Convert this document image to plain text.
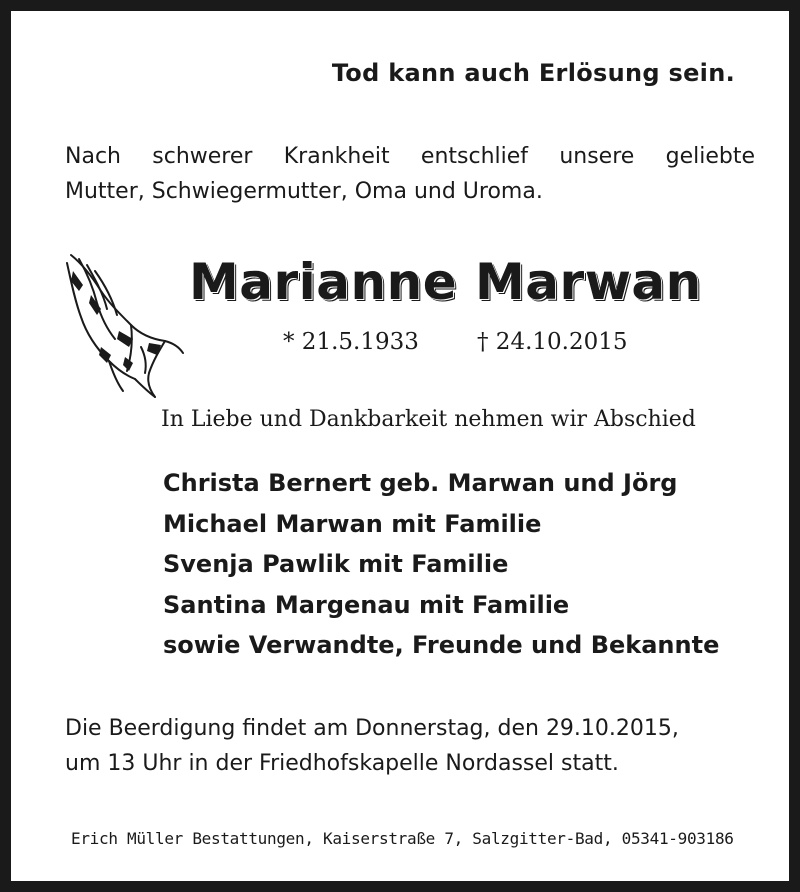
Tod kann auch Erlösung sein.
Nach schwerer Krankheit entschlief unsere geliebte
Mutter, Schwiegermutter, Oma und Uroma.
Marianne Marwan
* 21.5.1933	† 24.10.2015
In Liebe und Dankbarkeit nehmen wir Abschied
Christa Bernert geb. Marwan und Jörg
Michael Marwan mit Familie
Svenja Pawlik mit Familie
Santina Margenau mit Familie
sowie Verwandte, Freunde und Bekannte
Die Beerdigung findet am Donnerstag, den 29.10.2015,
um 13 Uhr in der Friedhofskapelle Nordassel statt.
Erich Müller Bestattungen, Kaiserstraße 7, Salzgitter-Bad, 05341-903186
